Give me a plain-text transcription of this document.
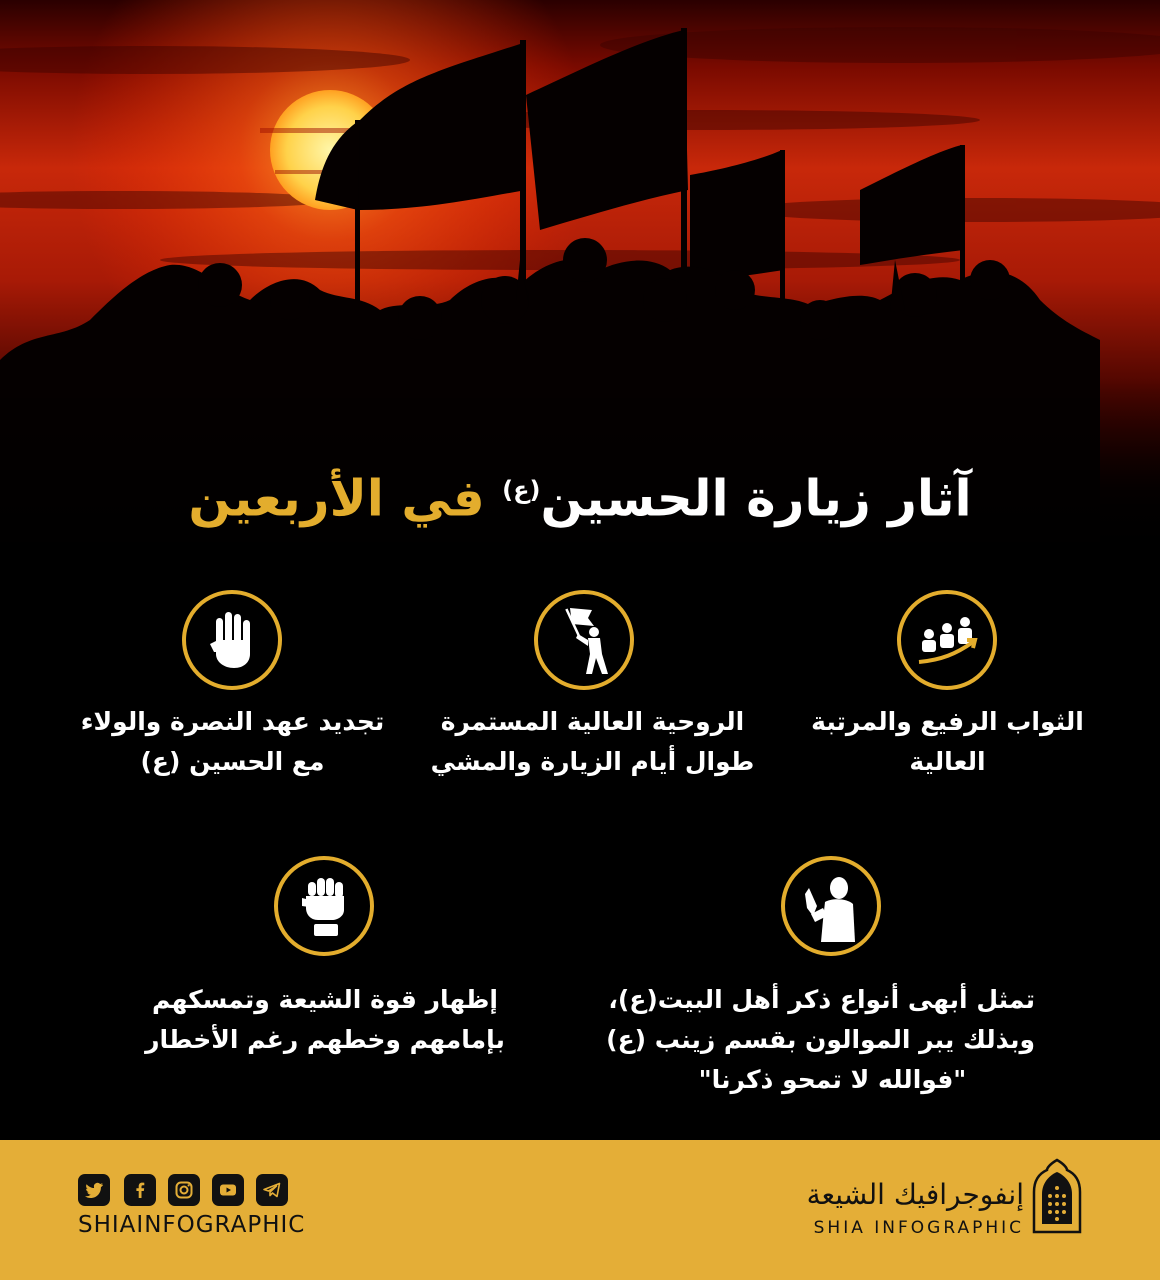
آثار زيارة الحسين$^{(ع)}$ في الأربعين
الثواب الرفيع والمرتبة
العالية
الروحية العالية المستمرة
طوال أيام الزيارة والمشي
تجديد عهد النصرة والولاء
مع الحسين (ع)
تمثل أبهى أنواع ذكر أهل البيت(ع)،
وبذلك يبر الموالون بقسم زينب (ع)
"فوالله لا تمحو ذكرنا"
إظهار قوة الشيعة وتمسكهم
بإمامهم وخطهم رغم الأخطار
SHIAINFOGRAPHIC
إنفوجرافيك الشيعة
SHIA INFOGRAPHIC
